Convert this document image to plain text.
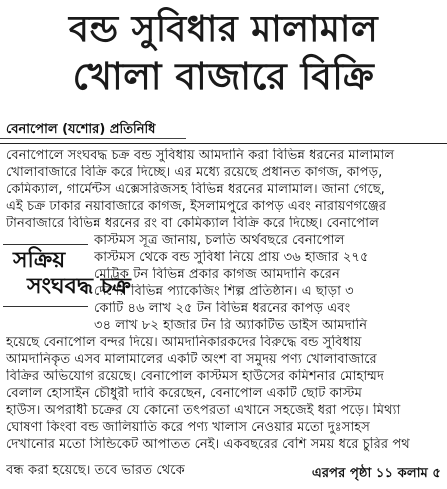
বন্ড সুবিধার মালামাল
খোলা বাজারে বিক্রি
বেনাপোল (যশোর) প্রতিনিধি
বেনাপোলে সংঘবদ্ধ চক্র বন্ড সুবিধায় আমদানি করা বিভিন্ন ধরনের মালামাল
খোলাবাজারে বিক্রি করে দিচ্ছে। এর মধ্যে রয়েছে প্রধানত কাগজ, কাপড়,
কেমিক্যাল, গার্মেন্টস এক্সেসরিজসহ বিভিন্ন ধরনের মালামাল। জানা গেছে,
এই চক্র ঢাকার নয়াবাজারে কাগজ, ইসলামপুরে কাপড় এবং নারায়ণগঞ্জের
টানবাজারে বিভিন্ন ধরনের রং বা কেমিক্যাল বিক্রি করে দিচ্ছে। বেনাপোল
সক্রিয়
সংঘবদ্ধ চক্র
কাস্টমস সূত্র জানায়, চলতি অর্থবছরে বেনাপোল
কাস্টমস থেকে বন্ড সুবিধা নিয়ে প্রায় ৩৬ হাজার ২৭৫
মেট্রিক টন বিভিন্ন প্রকার কাগজ আমদানি করেন
দেশের বিভিন্ন প্যাকেজিং শিল্প প্রতিষ্ঠান। এ ছাড়া ৩
কোটি ৪৬ লাখ ২৫ টন বিভিন্ন ধরনের কাপড় এবং
৩৪ লাখ ৮২ হাজার টন রি অ্যাকটিভ ডাইস আমদানি
হয়েছে বেনাপোল বন্দর দিয়ে। আমদানিকারকদের বিরুদ্ধে বন্ড সুবিধায়
আমদানিকৃত এসব মালামালের একটি অংশ বা সমুদয় পণ্য খোলাবাজারে
বিক্রির অভিযোগ রয়েছে। বেনাপোল কাস্টমস হাউসের কমিশনার মোহাম্মদ
বেলাল হোসাইন চৌধুরী দাবি করেছেন, বেনাপোল একটি ছোট কাস্টম
হাউস। অপরাধী চক্রের যে কোনো তৎপরতা এখানে সহজেই ধরা পড়ে। মিথ্যা
ঘোষণা কিংবা বন্ড জালিয়াতি করে পণ্য খালাস নেওয়ার মতো দুঃসাহস
দেখানোর মতো সিন্ডিকেট আপাতত নেই। একবছরের বেশি সময় ধরে চুরির পথ
বন্ধ করা হয়েছে। তবে ভারত থেকে	এরপর পৃষ্ঠা ১১ কলাম ৫
